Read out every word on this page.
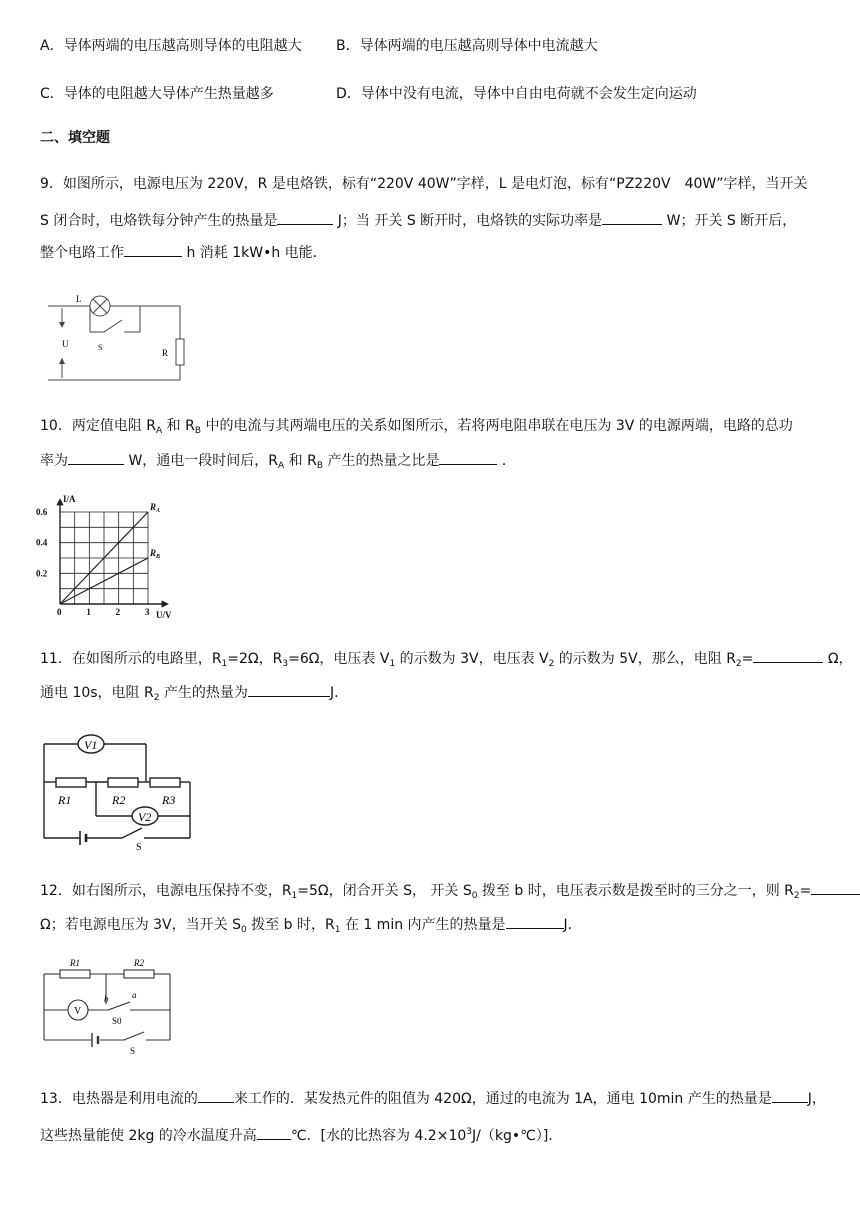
A．导体两端的电压越高则导体的电阻越大 B．导体两端的电压越高则导体中电流越大
C．导体的电阻越大导体产生热量越多	D．导体中没有电流，导体中自由电荷就不会发生定向运动
二、填空题
9．如图所示，电源电压为 220V，R 是电烙铁，标有“220V 40W”字样，L 是电灯泡，标有“PZ220V　40W”字样，当开关
S 闭合时，电烙铁每分钟产生的热量是	J；当 开关 S 断开时，电烙铁的实际功率是	W；开关 S 断开后，
整个电路工作	h 消耗 1kW•h 电能．
L
S
U
R
10．两定值电阻 $R_A$ 和 $R_B$ 中的电流与其两端电压的关系如图所示，若将两电阻串联在电压为 3V 的电源两端，电路的总功
率为	W，通电一段时间后，$R_A$ 和 $R_B$ 产生的热量之比是	．
$R_A$
$R_B$
0	1	2	3
0.2
0.4
0.6
I/A
U/V
11．在如图所示的电路里，$R_1=2\Omega$，$R_3=6\Omega$，电压表 $V_1$ 的示数为 3V，电压表 $V_2$ 的示数为 5V，那么，电阻 $R_2=$	Ω，
通电 10s，电阻 $R_2$ 产生的热量为	J．
V1
V2
R1	R2	R3
S
12．如右图所示，电源电压保持不变，$R_1=5\Omega$，闭合开关 S， 开关 $S_0$ 拨至 b 时，电压表示数是拨至时的三分之一，则 $R_2=$
Ω；若电源电压为 3V，当开关 $S_0$ 拨至 b 时，$R_1$ 在 1 min 内产生的热量是	J．
R1	R2
V
b	a
S0
S
13．电热器是利用电流的	来工作的．某发热元件的阻值为 420Ω，通过的电流为 1A，通电 10min 产生的热量是	J，
这些热量能使 2kg 的冷水温度升高 ℃．[水的比热容为 $4.2\times 10^3J/(kg•℃)$]．
